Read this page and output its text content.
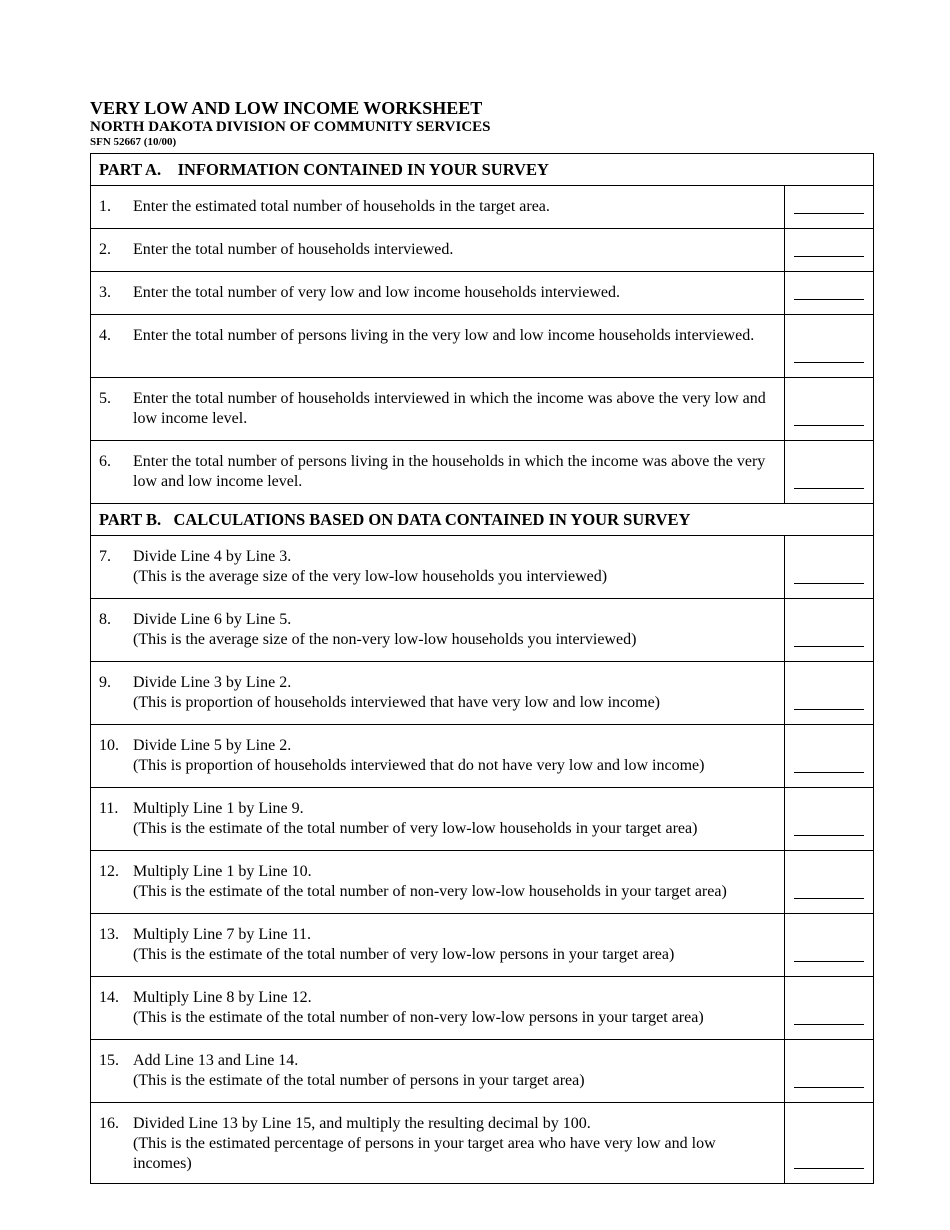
VERY LOW AND LOW INCOME WORKSHEET
NORTH DAKOTA DIVISION OF COMMUNITY SERVICES
SFN 52667 (10/00)
PART A.    INFORMATION CONTAINED IN YOUR SURVEY	

1. Enter the estimated total number of households in the target area.	

2. Enter the total number of households interviewed.	

3. Enter the total number of very low and low income households interviewed.	

4. Enter the total number of persons living in the very low and low income households interviewed.	

5. Enter the total number of households interviewed in which the income was above the very low and low income level.	

6. Enter the total number of persons living in the households in which the income was above the very low and low income level.	

PART B.   CALCULATIONS BASED ON DATA CONTAINED IN YOUR SURVEY	

7. Divide Line 4 by Line 3.
(This is the average size of the very low-low households you interviewed)	

8. Divide Line 6 by Line 5.
(This is the average size of the non-very low-low households you interviewed)	

9. Divide Line 3 by Line 2.
(This is proportion of households interviewed that have very low and low income)	

10. Divide Line 5 by Line 2.
(This is proportion of households interviewed that do not have very low and low income)	

11. Multiply Line 1 by Line 9.
(This is the estimate of the total number of very low-low households in your target area)	

12. Multiply Line 1 by Line 10.
(This is the estimate of the total number of non-very low-low households in your target area)	

13. Multiply Line 7 by Line 11.
(This is the estimate of the total number of very low-low persons in your target area)	

14. Multiply Line 8 by Line 12.
(This is the estimate of the total number of non-very low-low persons in your target area)	

15. Add Line 13 and Line 14.
(This is the estimate of the total number of persons in your target area)	

16. Divided Line 13 by Line 15, and multiply the resulting decimal by 100.
(This is the estimated percentage of persons in your target area who have very low and low incomes)	
